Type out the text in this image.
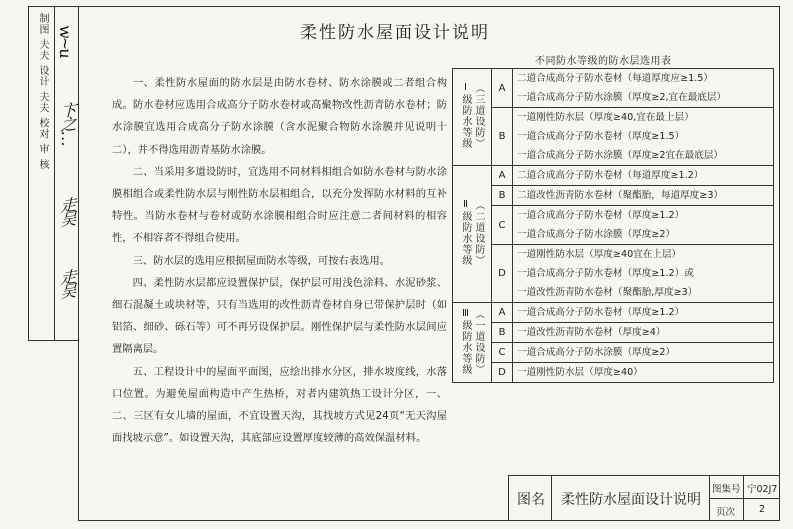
制图 夫夫 设计 夫夫 校对 审 核 w~u
卞之…
走吴
走吴
柔性防水屋面设计说明

一、柔性防水屋面的防水层是由防水卷材、防水涂膜或二者组合构成。防水卷材应选用合成高分子防水卷材或高聚物改性沥青防水卷材；防水涂膜宜选用合成高分子防水涂膜（含水泥聚合物防水涂膜并见说明十二），并不得选用沥青基防水涂膜。

二、当采用多道设防时，宜选用不同材料相组合如防水卷材与防水涂膜相组合或柔性防水层与刚性防水层相组合，以充分发挥防水材料的互补特性。当防水卷材与卷材或防水涂膜相组合时应注意二者间材料的相容性，不相容者不得组合使用。

三、防水层的选用应根据屋面防水等级，可按右表选用。

四、柔性防水层都应设置保护层，保护层可用浅色涂料、水泥砂浆、细石混凝土或块材等，只有当选用的改性沥青卷材自身已带保护层时（如铝箔、细砂、砾石等）可不再另设保护层。刚性保护层与柔性防水层间应置隔离层。

五、工程设计中的屋面平面图，应绘出排水分区，排水坡度线，水落口位置。为避免屋面构造中产生热桥，对者内建筑热工设计分区，一、二、三区有女儿墙的屋面，不宜设置天沟，其找坡方式见24页“无天沟屋面找坡示意”。如设置天沟，其底部应设置厚度较薄的高效保温材料。

不同防水等级的防水层选用表
Ⅰ级防水等级 （三道设防）	A	二道合成高分子防水卷材（每道厚度应≥1.5）
一道合成高分子防水涂膜（厚度≥2,宜在最底层）

	B	一道刚性防水层（厚度≥40,宜在最上层）
一道合成高分子防水卷材（厚度≥1.5）
一道合成高分子防水涂膜（厚度≥2宜在最底层）

Ⅱ级防水等级 （二道设防）	A	二道合成高分子防水卷材（每道厚度≥1.2）

	B	二道改性沥青防水卷材（聚酯胎，每道厚度≥3）

	C	一道合成高分子防水卷材（厚度≥1.2）
一道合成高分子防水涂膜（厚度≥2）

	D	一道刚性防水层（厚度≥40宜在上层）
一道合成高分子防水卷材（厚度≥1.2）或
一道改性沥青防水卷材（聚酯胎,厚度≥3）

Ⅲ级防水等级 （一道设防）	A	一道合成高分子防水卷材（厚度≥1.2）

	B	一道改性沥青防水卷材（厚度≥4）

	C	一道合成高分子防水涂膜（厚度≥2）

	D	一道刚性防水层（厚度≥40）
图名 柔性防水屋面设计说明
图集号 宁02J7
页次	2
